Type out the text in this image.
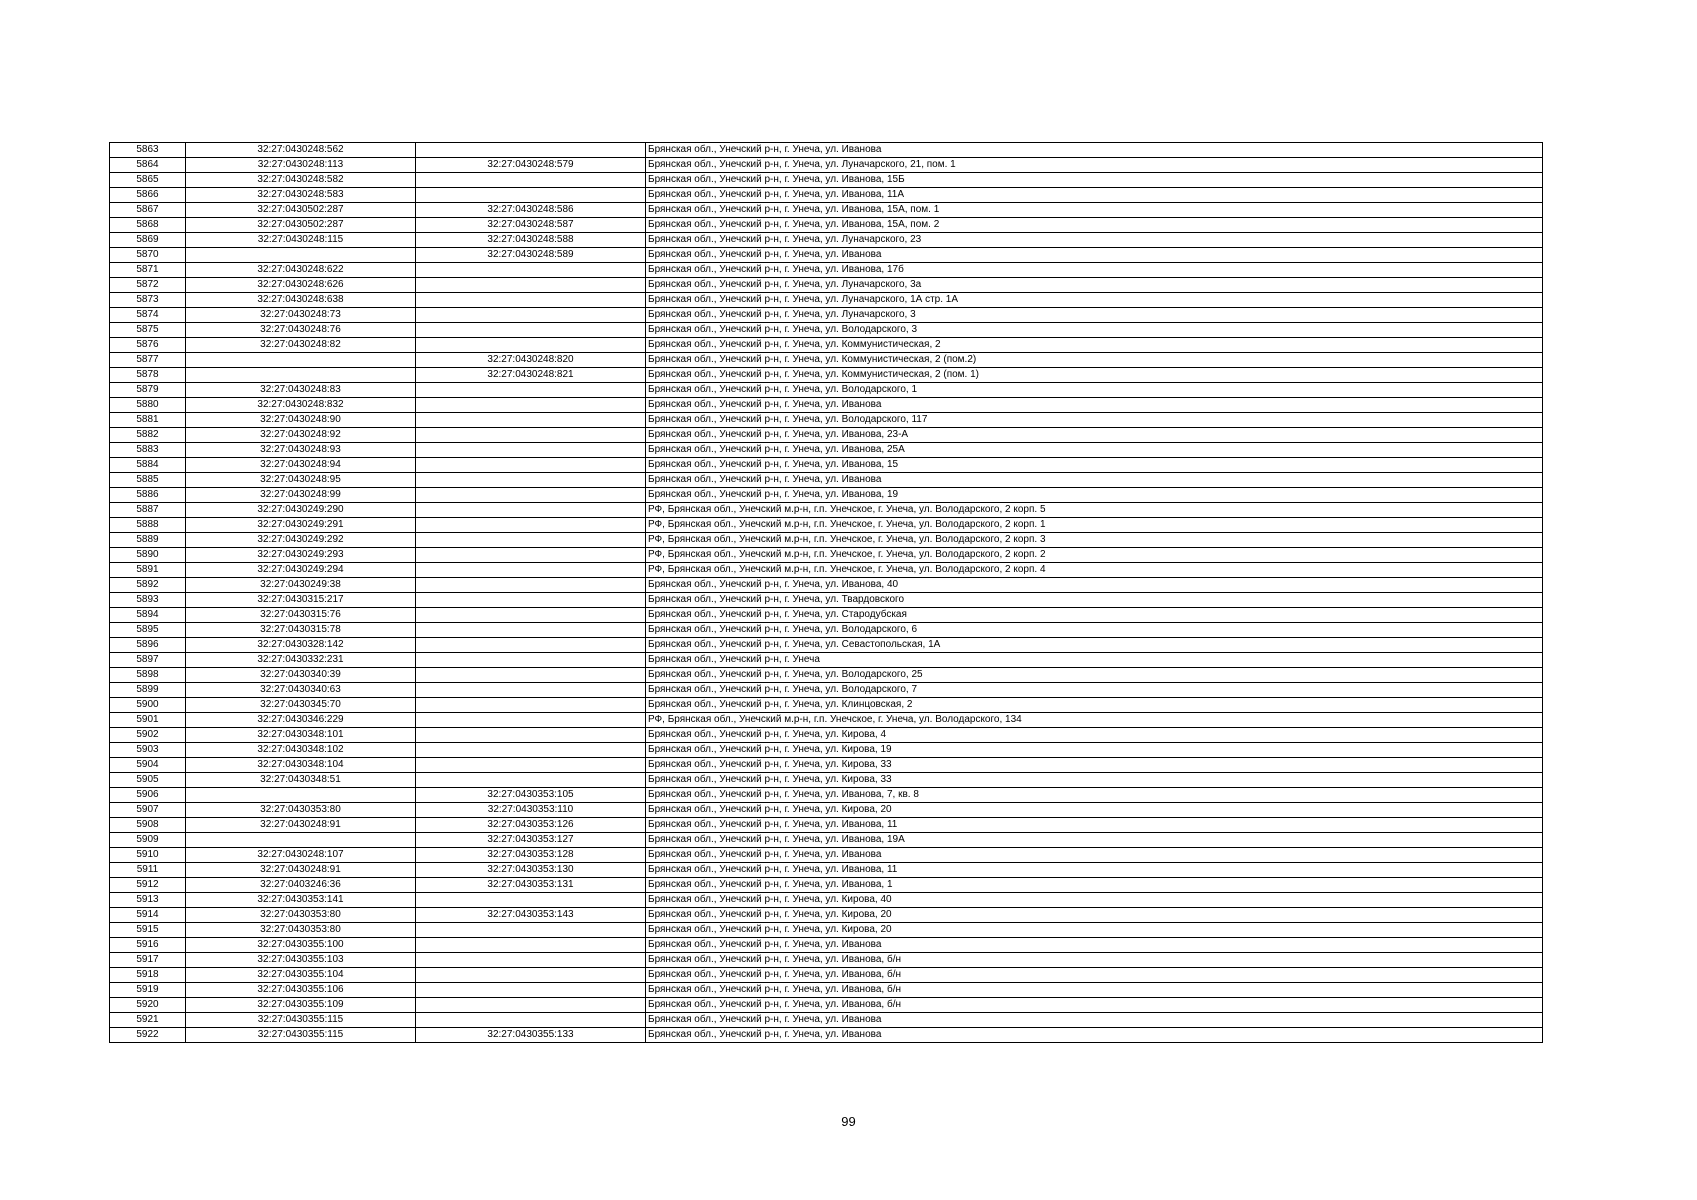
5863	32:27:0430248:562		Брянская обл., Унечский р-н, г. Унеча, ул. Иванова
5864	32:27:0430248:113	32:27:0430248:579	Брянская обл., Унечский р-н, г. Унеча, ул. Луначарского, 21, пом. 1
5865	32:27:0430248:582		Брянская обл., Унечский р-н, г. Унеча, ул. Иванова, 15Б
5866	32:27:0430248:583		Брянская обл., Унечский р-н, г. Унеча, ул. Иванова, 11А
5867	32:27:0430502:287	32:27:0430248:586	Брянская обл., Унечский р-н, г. Унеча, ул. Иванова, 15А, пом. 1
5868	32:27:0430502:287	32:27:0430248:587	Брянская обл., Унечский р-н, г. Унеча, ул. Иванова, 15А, пом. 2
5869	32:27:0430248:115	32:27:0430248:588	Брянская обл., Унечский р-н, г. Унеча, ул. Луначарского, 23
5870		32:27:0430248:589	Брянская обл., Унечский р-н, г. Унеча, ул. Иванова
5871	32:27:0430248:622		Брянская обл., Унечский р-н, г. Унеча, ул. Иванова, 17б
5872	32:27:0430248:626		Брянская обл., Унечский р-н, г. Унеча, ул. Луначарского, 3а
5873	32:27:0430248:638		Брянская обл., Унечский р-н, г. Унеча, ул. Луначарского, 1А стр. 1А
5874	32:27:0430248:73		Брянская обл., Унечский р-н, г. Унеча, ул. Луначарского, 3
5875	32:27:0430248:76		Брянская обл., Унечский р-н, г. Унеча, ул. Володарского, 3
5876	32:27:0430248:82		Брянская обл., Унечский р-н, г. Унеча, ул. Коммунистическая, 2
5877		32:27:0430248:820	Брянская обл., Унечский р-н, г. Унеча, ул. Коммунистическая, 2 (пом.2)
5878		32:27:0430248:821	Брянская обл., Унечский р-н, г. Унеча, ул. Коммунистическая, 2 (пом. 1)
5879	32:27:0430248:83		Брянская обл., Унечский р-н, г. Унеча, ул. Володарского, 1
5880	32:27:0430248:832		Брянская обл., Унечский р-н, г. Унеча, ул. Иванова
5881	32:27:0430248:90		Брянская обл., Унечский р-н, г. Унеча, ул. Володарского, 117
5882	32:27:0430248:92		Брянская обл., Унечский р-н, г. Унеча, ул. Иванова, 23-А
5883	32:27:0430248:93		Брянская обл., Унечский р-н, г. Унеча, ул. Иванова, 25А
5884	32:27:0430248:94		Брянская обл., Унечский р-н, г. Унеча, ул. Иванова, 15
5885	32:27:0430248:95		Брянская обл., Унечский р-н, г. Унеча, ул. Иванова
5886	32:27:0430248:99		Брянская обл., Унечский р-н, г. Унеча, ул. Иванова, 19
5887	32:27:0430249:290		РФ, Брянская обл., Унечский м.р-н, г.п. Унечское, г. Унеча, ул. Володарского, 2 корп. 5
5888	32:27:0430249:291		РФ, Брянская обл., Унечский м.р-н, г.п. Унечское, г. Унеча, ул. Володарского, 2 корп. 1
5889	32:27:0430249:292		РФ, Брянская обл., Унечский м.р-н, г.п. Унечское, г. Унеча, ул. Володарского, 2 корп. 3
5890	32:27:0430249:293		РФ, Брянская обл., Унечский м.р-н, г.п. Унечское, г. Унеча, ул. Володарского, 2 корп. 2
5891	32:27:0430249:294		РФ, Брянская обл., Унечский м.р-н, г.п. Унечское, г. Унеча, ул. Володарского, 2 корп. 4
5892	32:27:0430249:38		Брянская обл., Унечский р-н, г. Унеча, ул. Иванова, 40
5893	32:27:0430315:217		Брянская обл., Унечский р-н, г. Унеча, ул. Твардовского
5894	32:27:0430315:76		Брянская обл., Унечский р-н, г. Унеча, ул. Стародубская
5895	32:27:0430315:78		Брянская обл., Унечский р-н, г. Унеча, ул. Володарского, 6
5896	32:27:0430328:142		Брянская обл., Унечский р-н, г. Унеча, ул. Севастопольская, 1А
5897	32:27:0430332:231		Брянская обл., Унечский р-н, г. Унеча
5898	32:27:0430340:39		Брянская обл., Унечский р-н, г. Унеча, ул. Володарского, 25
5899	32:27:0430340:63		Брянская обл., Унечский р-н, г. Унеча, ул. Володарского, 7
5900	32:27:0430345:70		Брянская обл., Унечский р-н, г. Унеча, ул. Клинцовская, 2
5901	32:27:0430346:229		РФ, Брянская обл., Унечский м.р-н, г.п. Унечское, г. Унеча, ул. Володарского, 134
5902	32:27:0430348:101		Брянская обл., Унечский р-н, г. Унеча, ул. Кирова, 4
5903	32:27:0430348:102		Брянская обл., Унечский р-н, г. Унеча, ул. Кирова, 19
5904	32:27:0430348:104		Брянская обл., Унечский р-н, г. Унеча, ул. Кирова, 33
5905	32:27:0430348:51		Брянская обл., Унечский р-н, г. Унеча, ул. Кирова, 33
5906		32:27:0430353:105	Брянская обл., Унечский р-н, г. Унеча, ул. Иванова, 7, кв. 8
5907	32:27:0430353:80	32:27:0430353:110	Брянская обл., Унечский р-н, г. Унеча, ул. Кирова, 20
5908	32:27:0430248:91	32:27:0430353:126	Брянская обл., Унечский р-н, г. Унеча, ул. Иванова, 11
5909		32:27:0430353:127	Брянская обл., Унечский р-н, г. Унеча, ул. Иванова, 19А
5910	32:27:0430248:107	32:27:0430353:128	Брянская обл., Унечский р-н, г. Унеча, ул. Иванова
5911	32:27:0430248:91	32:27:0430353:130	Брянская обл., Унечский р-н, г. Унеча, ул. Иванова, 11
5912	32:27:0403246:36	32:27:0430353:131	Брянская обл., Унечский р-н, г. Унеча, ул. Иванова, 1
5913	32:27:0430353:141		Брянская обл., Унечский р-н, г. Унеча, ул. Кирова, 40
5914	32:27:0430353:80	32:27:0430353:143	Брянская обл., Унечский р-н, г. Унеча, ул. Кирова, 20
5915	32:27:0430353:80		Брянская обл., Унечский р-н, г. Унеча, ул. Кирова, 20
5916	32:27:0430355:100		Брянская обл., Унечский р-н, г. Унеча, ул. Иванова
5917	32:27:0430355:103		Брянская обл., Унечский р-н, г. Унеча, ул. Иванова, б/н
5918	32:27:0430355:104		Брянская обл., Унечский р-н, г. Унеча, ул. Иванова, б/н
5919	32:27:0430355:106		Брянская обл., Унечский р-н, г. Унеча, ул. Иванова, б/н
5920	32:27:0430355:109		Брянская обл., Унечский р-н, г. Унеча, ул. Иванова, б/н
5921	32:27:0430355:115		Брянская обл., Унечский р-н, г. Унеча, ул. Иванова
5922	32:27:0430355:115	32:27:0430355:133	Брянская обл., Унечский р-н, г. Унеча, ул. Иванова
99
